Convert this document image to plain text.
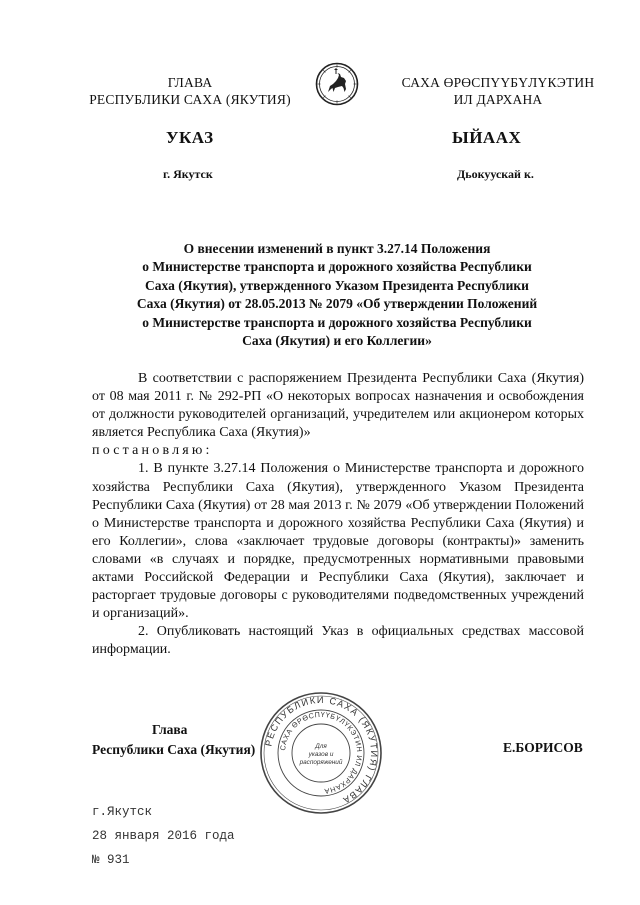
ГЛАВА
РЕСПУБЛИКИ САХА (ЯКУТИЯ)
САХА ӨРӨСПҮҮБҮЛҮКЭТИН
ИЛ ДАРХАНА
УКАЗ	ЫЙААХ
г. Якутск	Дьокуускай к.
О внесении изменений в пункт 3.27.14 Положения
о Министерстве транспорта и дорожного хозяйства Республики
Саха (Якутия), утвержденного Указом Президента Республики
Саха (Якутия) от 28.05.2013 № 2079 «Об утверждении Положений
о Министерстве транспорта и дорожного хозяйства Республики
Саха (Якутия) и его Коллегии»

В соответствии с распоряжением Президента Республики Саха (Якутия) от 08 мая 2011 г. № 292-РП «О некоторых вопросах назначения и освобождения от должности руководителей организаций, учредителем или акционером которых является Республика Саха (Якутия)»

постановляю:

1. В пункте 3.27.14 Положения о Министерстве транспорта и дорожного хозяйства Республики Саха (Якутия), утвержденного Указом Президента Республики Саха (Якутия) от 28 мая 2013 г. № 2079 «Об утверждении Положений о Министерстве транспорта и дорожного хозяйства Республики Саха (Якутия) и его Коллегии», слова «заключает трудовые договоры (контракты)» заменить словами «в случаях и порядке, предусмотренных нормативными правовыми актами Российской Федерации и Республики Саха (Якутия), заключает и расторгает трудовые договоры с руководителями подведомственных учреждений и организаций».

2. Опубликовать настоящий Указ в официальных средствах массовой информации.

Глава
Республики Саха (Якутия)	Е.БОРИСОВ
РЕСПУБЛИКИ САХА (ЯКУТИЯ) ГЛАВА
САХА ӨРӨСПҮҮБҮЛҮКЭТИН ИЛ ДАРХАНА
Для
указов и
распоряжений
г.Якутск
28 января 2016 года
№ 931
